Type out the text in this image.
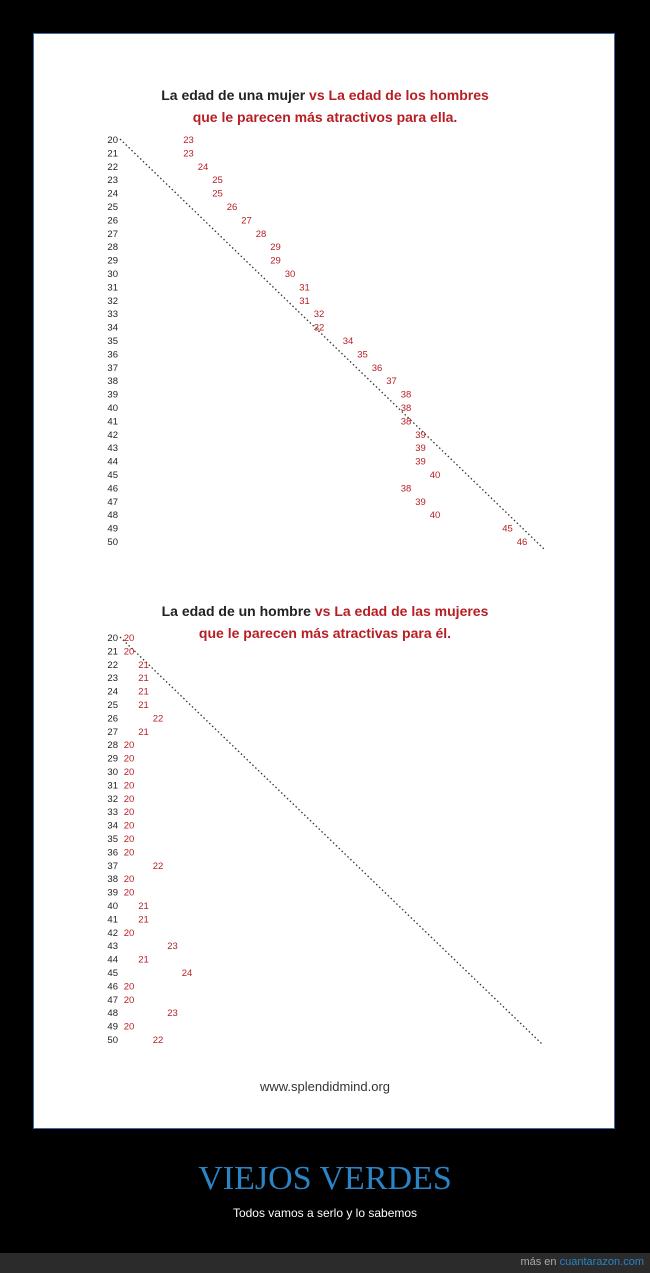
La edad de una mujer vs La edad de los hombres
que le parecen más atractivos para ella.
20	23
21	23
22	24
23	25
24	25
25	26
26	27
27	28
28	29
29	29
30	30
31	31
32	31
33	32
34	32
35	34
36	35
37	36
38	37
39	38
40	38
41	38
42	39
43	39
44	39
45	40
46	38
47	39
48	40
49	45
50	46
La edad de un hombre vs La edad de las mujeres
que le parecen más atractivas para él.
20 20
21 20
22 21
23 21
24 21
25 21
26	22
27 21
28 20
29 20
30 20
31 20
32 20
33 20
34 20
35 20
36 20
37	22
38 20
39 20
40 21
41 21
42 20
43	23
44 21
45	24
46 20
47 20
48	23
49 20
50	22
www.splendidmind.org
VIEJOS VERDES
Todos vamos a serlo y lo sabemos
más en cuantarazon.com
